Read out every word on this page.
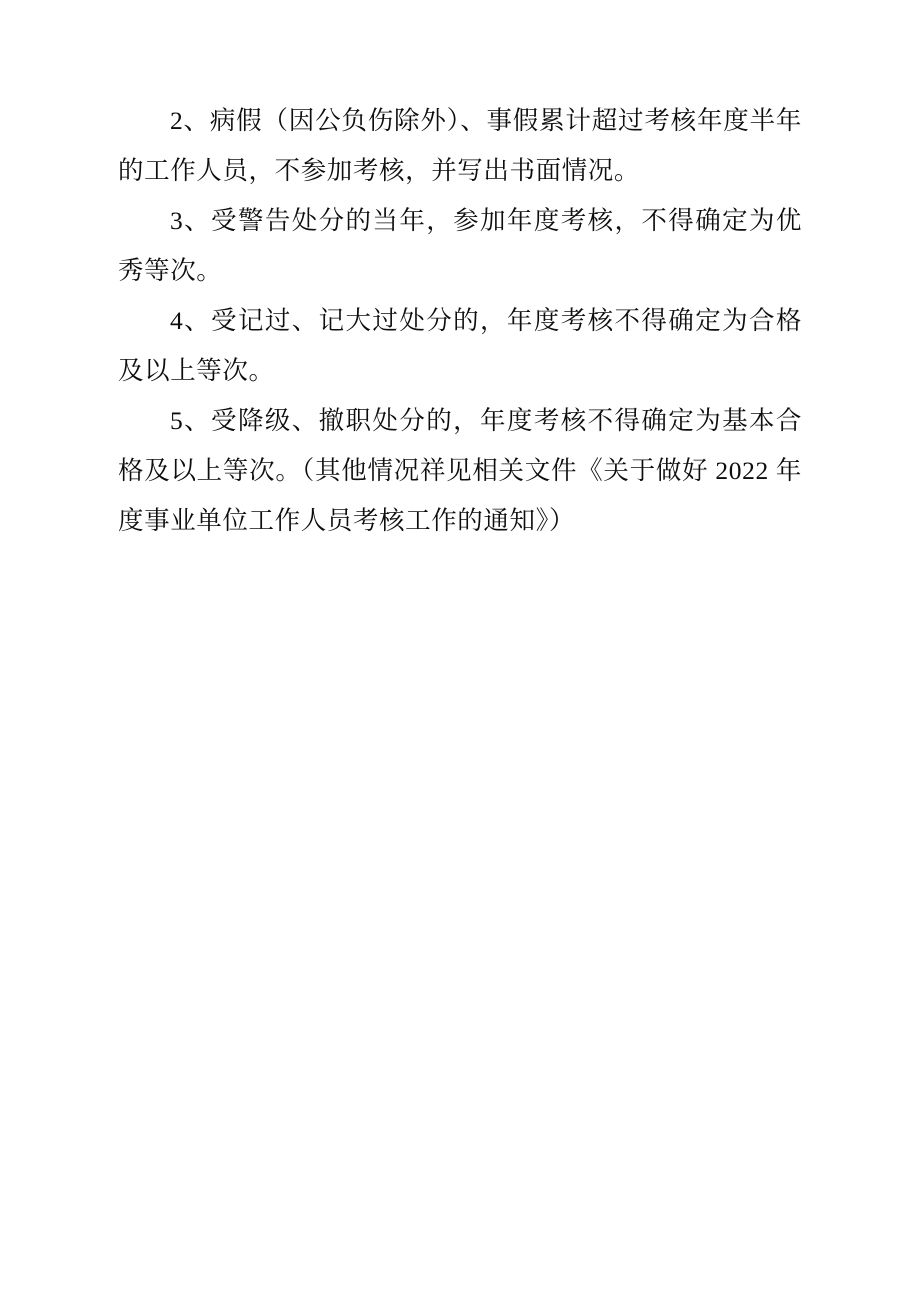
2、病假（因公负伤除外）、事假累计超过考核年度半年的工作人员，不参加考核，并写出书面情况。

3、受警告处分的当年，参加年度考核，不得确定为优秀等次。

4、受记过、记大过处分的，年度考核不得确定为合格及以上等次。

5、受降级、撤职处分的，年度考核不得确定为基本合格及以上等次。（其他情况祥见相关文件《关于做好 2022 年度事业单位工作人员考核工作的通知》）
